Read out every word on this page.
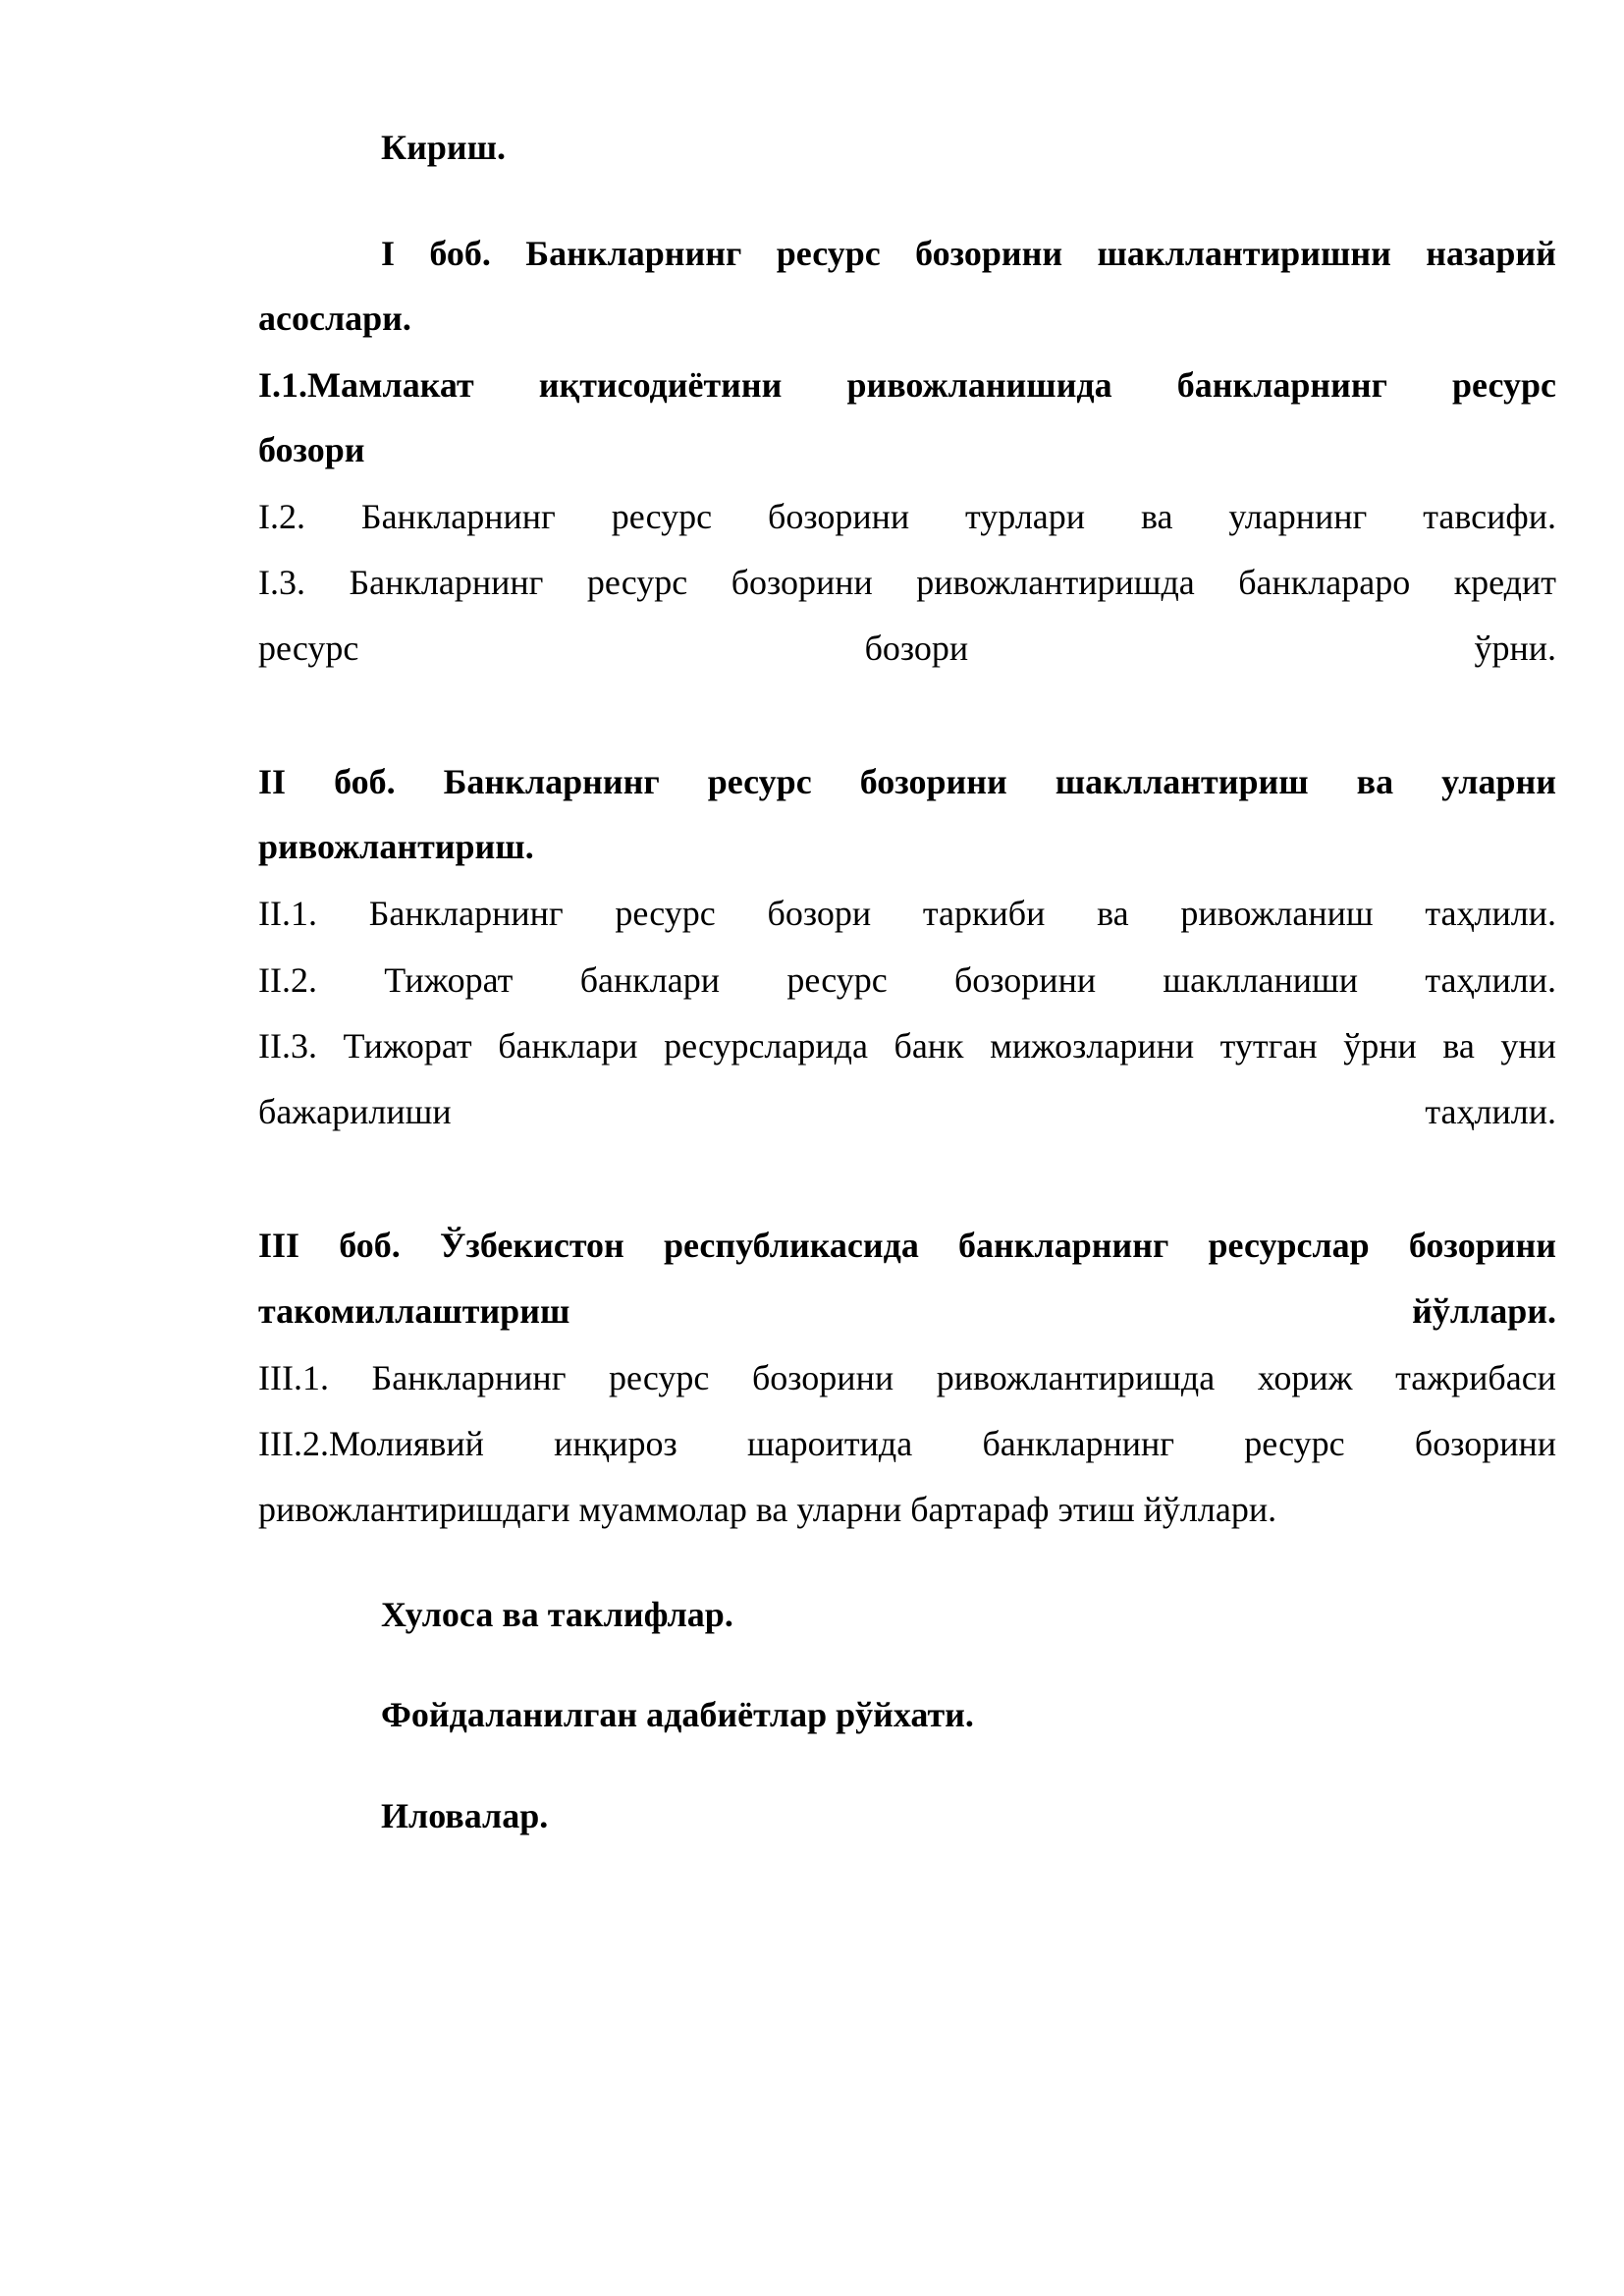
Кириш.
I боб. Банкларнинг ресурс бозорини шакллантиришни назарий
асослари.
I.1.Мамлакат иқтисодиётини ривожланишида банкларнинг ресурс
бозори
I.2. Банкларнинг ресурс бозорини турлари ва уларнинг тавсифи.
I.3. Банкларнинг ресурс бозорини ривожлантиришда банклараро кредит
ресурс	бозори	ўрни.
II боб. Банкларнинг ресурс бозорини шакллантириш ва уларни
ривожлантириш.
II.1. Банкларнинг ресурс бозори таркиби ва ривожланиш таҳлили.
II.2. Тижорат банклари ресурс бозорини шаклланиши таҳлили.
II.3. Тижорат банклари ресурсларида банк мижозларини тутган ўрни ва уни
бажарилиши	таҳлили.
III боб. Ўзбекистон республикасида банкларнинг ресурслар бозорини
такомиллаштириш	йўллари.
III.1. Банкларнинг ресурс бозорини ривожлантиришда хориж тажрибаси
III.2.Молиявий инқироз шароитида банкларнинг ресурс бозорини
ривожлантиришдаги муаммолар ва уларни бартараф этиш йўллари.
Хулоса ва таклифлар.
Фойдаланилган адабиётлар рўйхати.
Иловалар.
